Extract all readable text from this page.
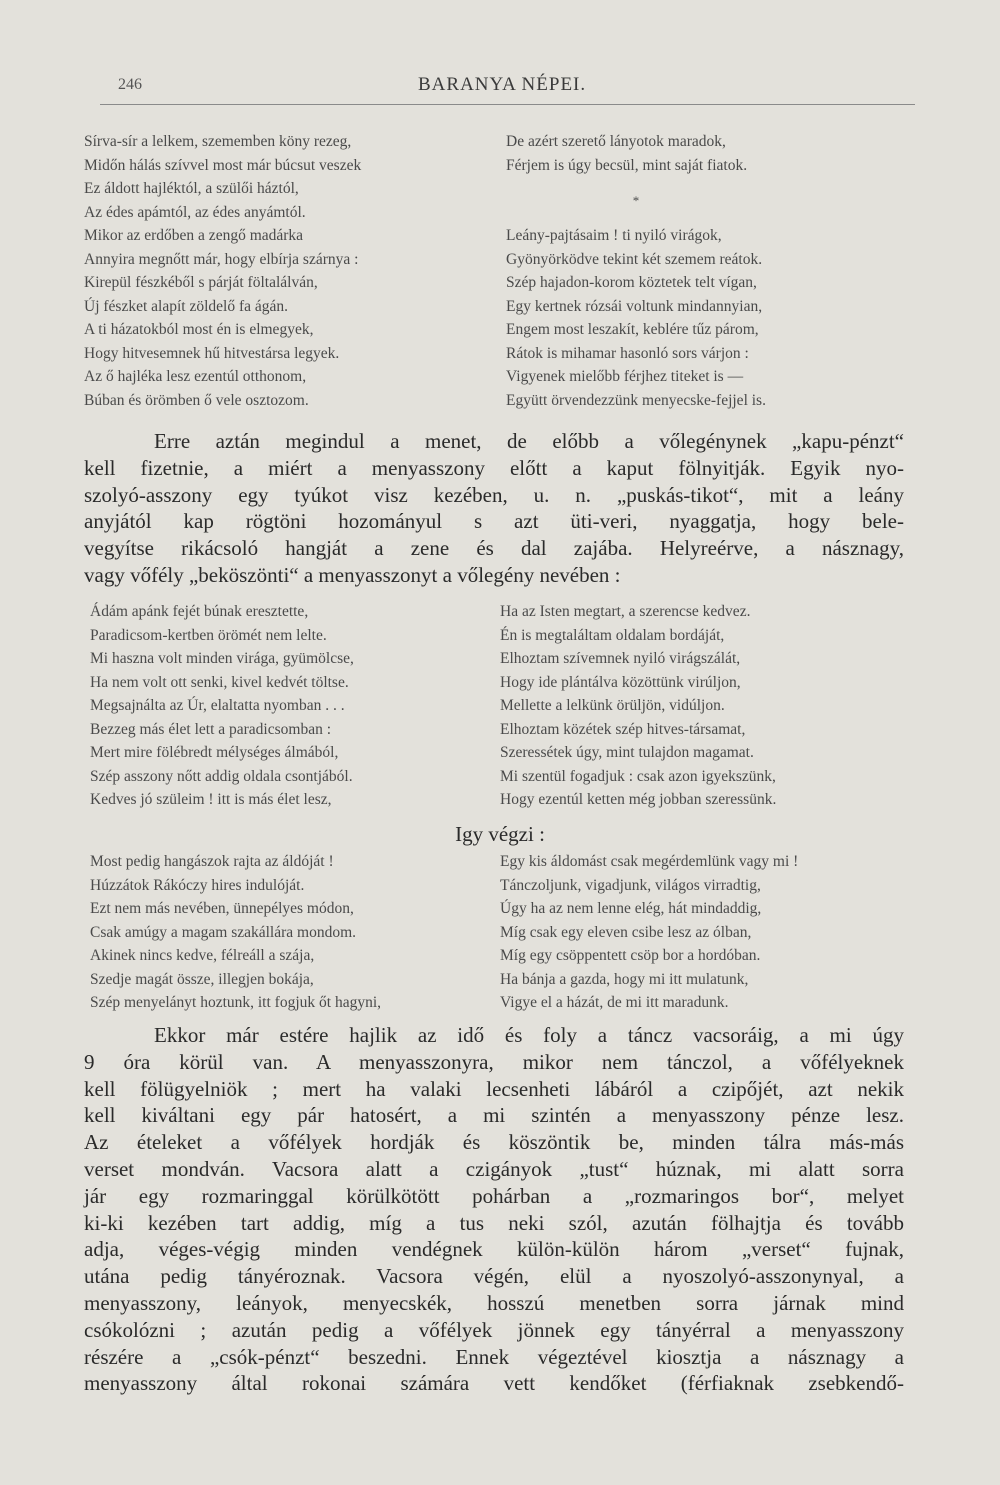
246	BARANYA NÉPEI.
Sírva-sír a lelkem, szememben köny rezeg,
Midőn hálás szívvel most már búcsut veszek
Ez áldott hajléktól, a szülői háztól,
Az édes apámtól, az édes anyámtól.
Mikor az erdőben a zengő madárka
Annyira megnőtt már, hogy elbírja szárnya :
Kirepül fészkéből s párját föltalálván,
Új fészket alapít zöldelő fa ágán.
A ti házatokból most én is elmegyek,
Hogy hitvesemnek hű hitvestársa legyek.
Az ő hajléka lesz ezentúl otthonom,
Búban és örömben ő vele osztozom.
De azért szerető lányotok maradok,
Férjem is úgy becsül, mint saját fiatok.
*
Leány-pajtásaim ! ti nyiló virágok,
Gyönyörködve tekint két szemem reátok.
Szép hajadon-korom köztetek telt vígan,
Egy kertnek rózsái voltunk mindannyian,
Engem most leszakít, keblére tűz párom,
Rátok is mihamar hasonló sors várjon :
Vigyenek mielőbb férjhez titeket is —
Együtt örvendezzünk menyecske-fejjel is.
Erre aztán megindul a menet, de előbb a vőlegénynek „kapu-pénzt“
kell fizetnie, a miért a menyasszony előtt a kaput fölnyitják. Egyik nyo-
szolyó-asszony egy tyúkot visz kezében, u. n. „puskás-tikot“, mit a leány
anyjától kap rögtöni hozományul s azt üti-veri, nyaggatja, hogy bele-
vegyítse rikácsoló hangját a zene és dal zajába. Helyreérve, a násznagy,
vagy vőfély „beköszönti“ a menyasszonyt a vőlegény nevében :
Ádám apánk fejét búnak eresztette,
Paradicsom-kertben örömét nem lelte.
Mi haszna volt minden virága, gyümölcse,
Ha nem volt ott senki, kivel kedvét töltse.
Megsajnálta az Úr, elaltatta nyomban . . .
Bezzeg más élet lett a paradicsomban :
Mert mire fölébredt mélységes álmából,
Szép asszony nőtt addig oldala csontjából.
Kedves jó szüleim ! itt is más élet lesz,
Ha az Isten megtart, a szerencse kedvez.
Én is megtaláltam oldalam bordáját,
Elhoztam szívemnek nyiló virágszálát,
Hogy ide plántálva közöttünk virúljon,
Mellette a lelkünk örüljön, vidúljon.
Elhoztam közétek szép hitves-társamat,
Szeressétek úgy, mint tulajdon magamat.
Mi szentül fogadjuk : csak azon igyekszünk,
Hogy ezentúl ketten még jobban szeressünk.
Igy végzi :
Most pedig hangászok rajta az áldóját !
Húzzátok Rákóczy hires indulóját.
Ezt nem más nevében, ünnepélyes módon,
Csak amúgy a magam szakállára mondom.
Akinek nincs kedve, félreáll a szája,
Szedje magát össze, illegjen bokája,
Szép menyelányt hoztunk, itt fogjuk őt hagyni,
Egy kis áldomást csak megérdemlünk vagy mi !
Tánczoljunk, vigadjunk, világos virradtig,
Úgy ha az nem lenne elég, hát mindaddig,
Míg csak egy eleven csibe lesz az ólban,
Míg egy csöppentett csöp bor a hordóban.
Ha bánja a gazda, hogy mi itt mulatunk,
Vigye el a házát, de mi itt maradunk.
Ekkor már estére hajlik az idő és foly a táncz vacsoráig, a mi úgy
9 óra körül van. A menyasszonyra, mikor nem tánczol, a vőfélyeknek
kell fölügyelniök ; mert ha valaki lecsenheti lábáról a czipőjét, azt nekik
kell kiváltani egy pár hatosért, a mi szintén a menyasszony pénze lesz.
Az ételeket a vőfélyek hordják és köszöntik be, minden tálra más-más
verset mondván. Vacsora alatt a czigányok „tust“ húznak, mi alatt sorra
jár egy rozmaringgal körülkötött pohárban a „rozmaringos bor“, melyet
ki-ki kezében tart addig, míg a tus neki szól, azután fölhajtja és tovább
adja, véges-végig minden vendégnek külön-külön három „verset“ fujnak,
utána pedig tányéroznak. Vacsora végén, elül a nyoszolyó-asszonynyal, a
menyasszony, leányok, menyecskék, hosszú menetben sorra járnak mind
csókolózni ; azután pedig a vőfélyek jönnek egy tányérral a menyasszony
részére a „csók-pénzt“ beszedni. Ennek végeztével kiosztja a násznagy a
menyasszony által rokonai számára vett kendőket (férfiaknak zsebkendő-
